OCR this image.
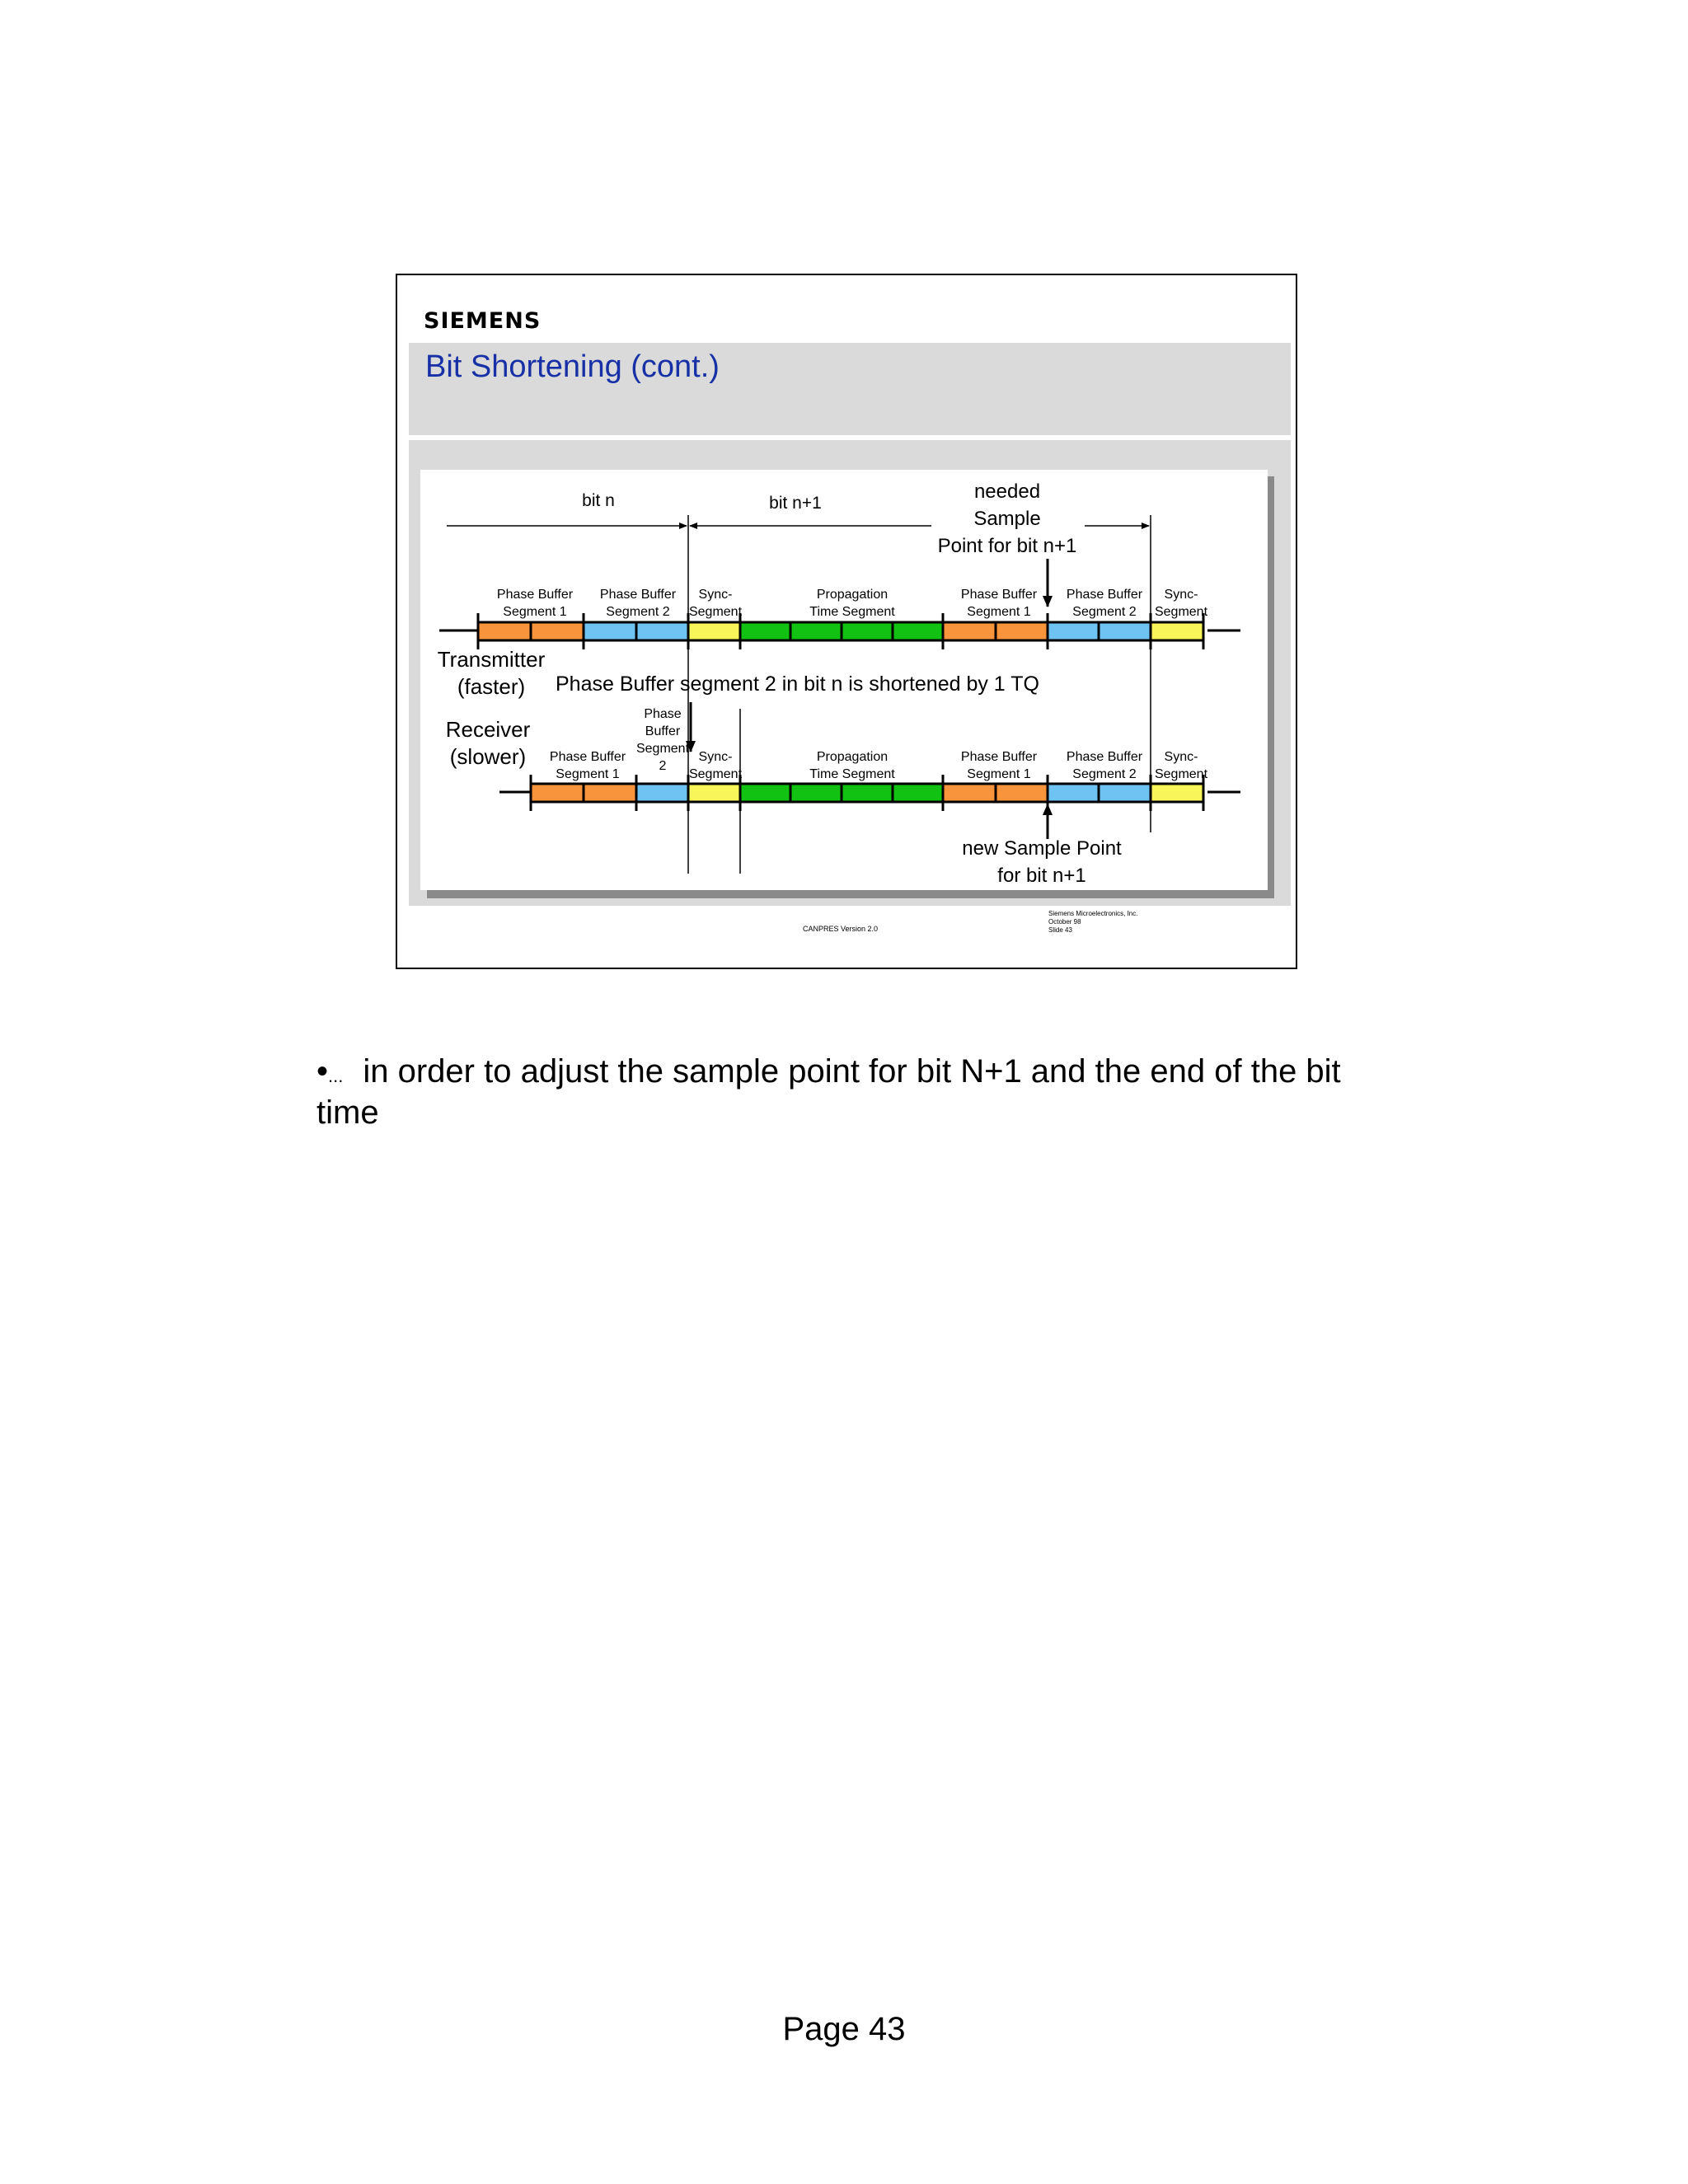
SIEMENS
Bit Shortening (cont.)
bit n	bit n+1
needed
Sample
Point for bit n+1
Phase Buffer
Segment 1
Phase Buffer
Segment 2
Sync-
Segment
Propagation
Time Segment
Phase Buffer
Segment 1
Phase Buffer
Segment 2
Sync-
Segment
Transmitter
(faster) Phase Buffer segment 2 in bit n is shortened by 1 TQ
Receiver
(slower)
Phase
Buffer
Segment
2
Phase Buffer
Segment 1
Sync-
Segment
Propagation
Time Segment
Phase Buffer
Segment 1
Phase Buffer
Segment 2
Sync-
Segment
new Sample Point
for bit n+1
CANPRES Version 2.0
Siemens Microelectronics, Inc.
October 98
Slide 43
•... in order to adjust the sample point for bit N+1 and the end of the bit time
Page 43
